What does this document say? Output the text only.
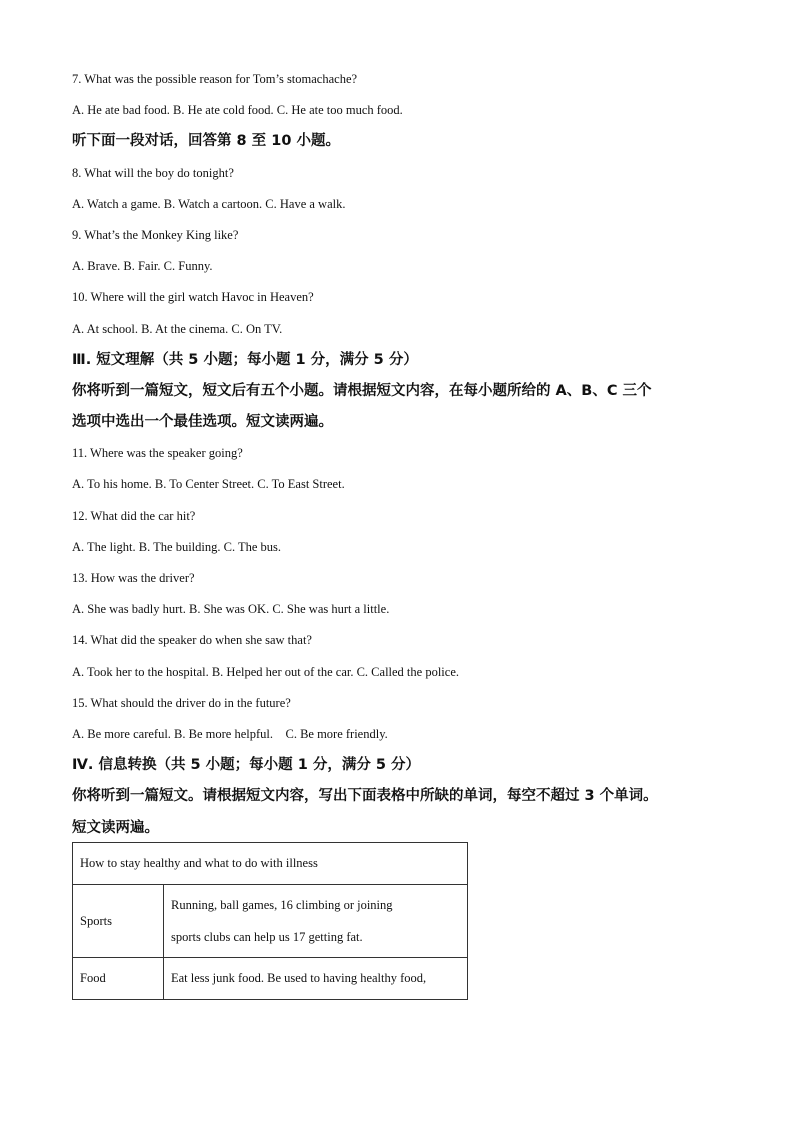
7. What was the possible reason for Tom’s stomachache?
A. He ate bad food. B. He ate cold food. C. He ate too much food.
听下面一段对话，回答第 8 至 10 小题。
8. What will the boy do tonight?
A. Watch a game. B. Watch a cartoon. C. Have a walk.
9. What’s the Monkey King like?
A. Brave. B. Fair. C. Funny.
10. Where will the girl watch Havoc in Heaven?
A. At school. B. At the cinema. C. On TV.
Ⅲ. 短文理解（共 5 小题；每小题 1 分，满分 5 分）
你将听到一篇短文，短文后有五个小题。请根据短文内容，在每小题所给的 A、B、C 三个
选项中选出一个最佳选项。短文读两遍。
11. Where was the speaker going?
A. To his home. B. To Center Street. C. To East Street.
12. What did the car hit?
A. The light. B. The building. C. The bus.
13. How was the driver?
A. She was badly hurt. B. She was OK. C. She was hurt a little.
14. What did the speaker do when she saw that?
A. Took her to the hospital. B. Helped her out of the car. C. Called the police.
15. What should the driver do in the future?
A. Be more careful. B. Be more helpful.    C. Be more friendly.
Ⅳ. 信息转换（共 5 小题；每小题 1 分，满分 5 分）
你将听到一篇短文。请根据短文内容，写出下面表格中所缺的单词，每空不超过 3 个单词。
短文读两遍。
How to stay healthy and what to do with illness	
Sports	Running, ball games, 16 climbing or joining
sports clubs can help us 17 getting fat.

Food	Eat less junk food. Be used to having healthy food,
